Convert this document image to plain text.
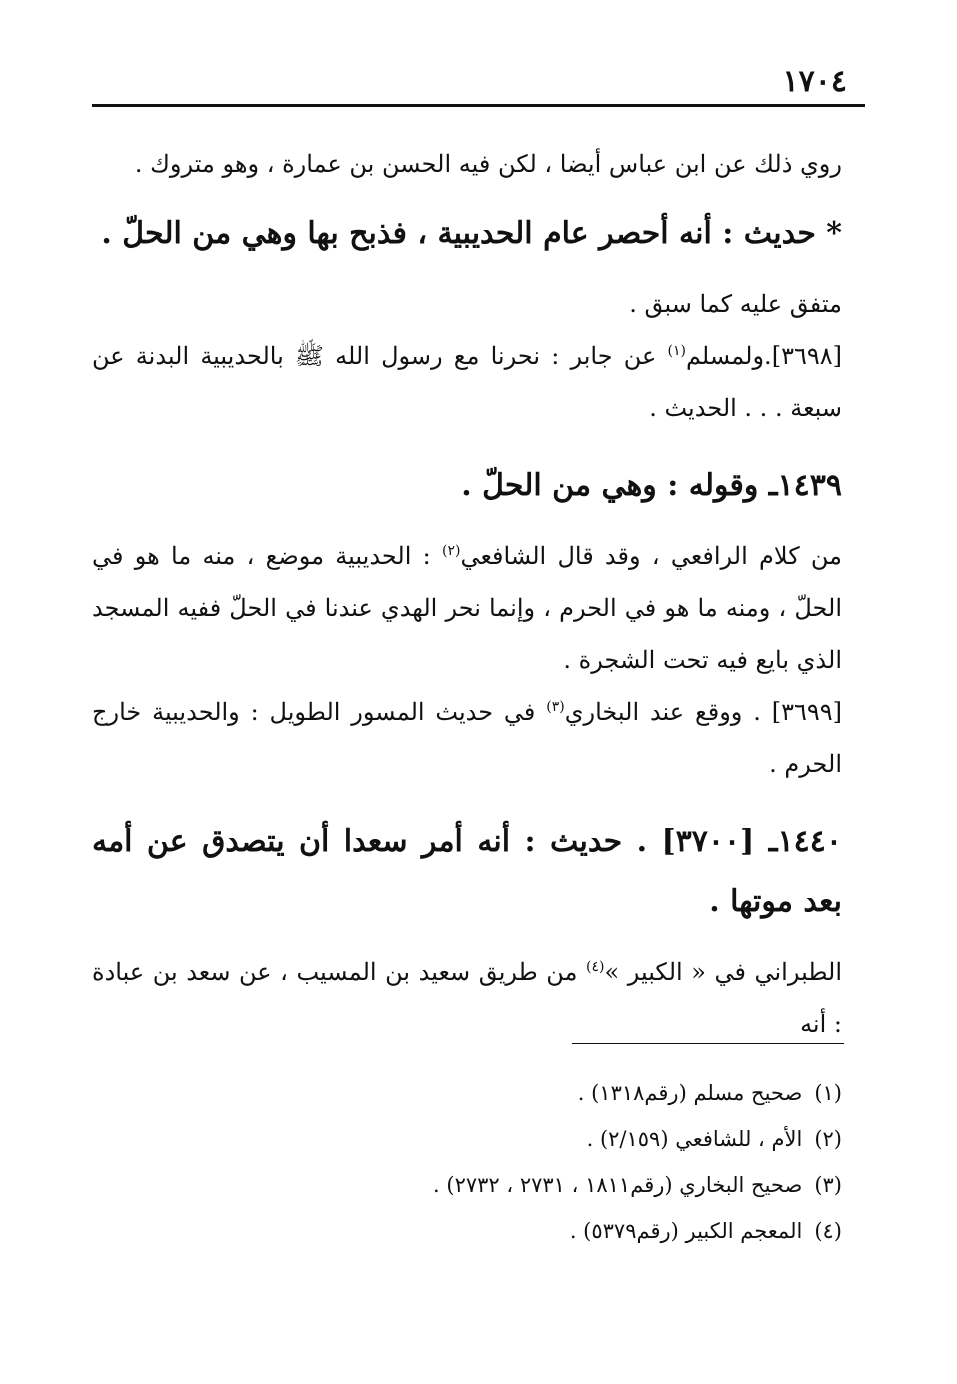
١٧٠٤

روي ذلك عن ابن عباس أيضا ، لكن فيه الحسن بن عمارة ، وهو متروك .

* حديث : أنه أحصر عام الحديبية ، فذبح بها وهي من الحلّ .

متفق عليه كما سبق .

[٣٦٩٨].ولمسلم$^{(١)}$ عن جابر : نحرنا مع رسول الله ﷺ بالحديبية البدنة عن سبعة . . . الحديث .

١٤٣٩ـ وقوله : وهي من الحلّ .

من كلام الرافعي ، وقد قال الشافعي$^{(٢)}$ : الحديبية موضع ، منه ما هو في الحلّ ، ومنه ما هو في الحرم ، وإنما نحر الهدي عندنا في الحلّ ففيه المسجد الذي بايع فيه تحت الشجرة .

[٣٦٩٩] . ووقع عند البخاري$^{(٣)}$ في حديث المسور الطويل : والحديبية خارج الحرم .

١٤٤٠ـ [٣٧٠٠] . حديث : أنه أمر سعدا أن يتصدق عن أمه بعد موتها .

الطبراني في « الكبير »$^{(٤)}$ من طريق سعيد بن المسيب ، عن سعد بن عبادة : أنه

(١)صحيح مسلم (رقم١٣١٨) .

(٢)الأم ، للشافعي (٢/١٥٩) .

(٣)صحيح البخاري (رقم١٨١١ ، ٢٧٣١ ، ٢٧٣٢) .

(٤)المعجم الكبير (رقم٥٣٧٩) .
